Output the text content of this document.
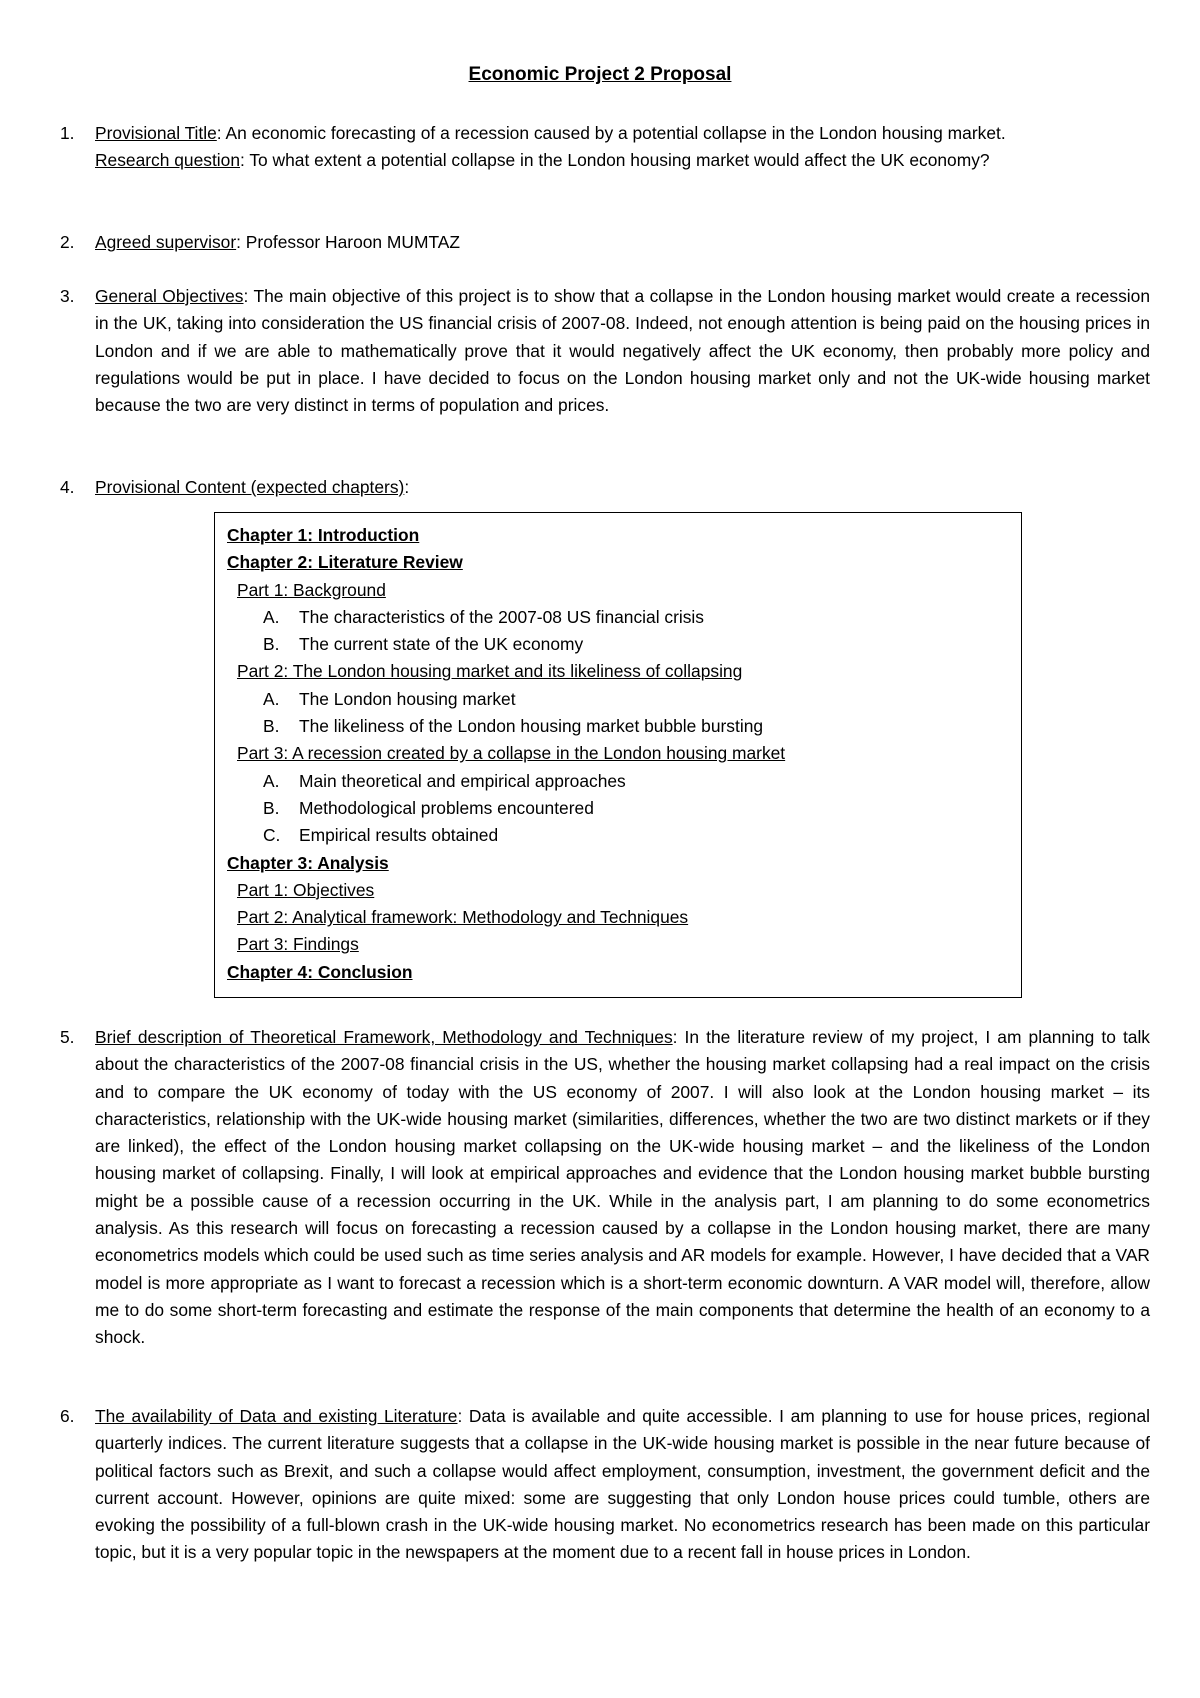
Economic Project 2 Proposal
1.	Provisional Title: An economic forecasting of a recession caused by a potential collapse in the London housing market.
Research question: To what extent a potential collapse in the London housing market would affect the UK economy?
2.	Agreed supervisor: Professor Haroon MUMTAZ
3.	General Objectives: The main objective of this project is to show that a collapse in the London housing market would create a recession in the UK, taking into consideration the US financial crisis of 2007-08. Indeed, not enough attention is being paid on the housing prices in London and if we are able to mathematically prove that it would negatively affect the UK economy, then probably more policy and regulations would be put in place. I have decided to focus on the London housing market only and not the UK-wide housing market because the two are very distinct in terms of population and prices.
4.	Provisional Content (expected chapters):
Chapter 1: Introduction
Chapter 2: Literature Review
Part 1: Background
A. The characteristics of the 2007-08 US financial crisis
B. The current state of the UK economy
Part 2: The London housing market and its likeliness of collapsing
A. The London housing market
B. The likeliness of the London housing market bubble bursting
Part 3: A recession created by a collapse in the London housing market
A. Main theoretical and empirical approaches
B. Methodological problems encountered
C. Empirical results obtained
Chapter 3: Analysis
Part 1: Objectives
Part 2: Analytical framework: Methodology and Techniques
Part 3: Findings
Chapter 4: Conclusion
5.	Brief description of Theoretical Framework, Methodology and Techniques: In the literature review of my project, I am planning to talk about the characteristics of the 2007-08 financial crisis in the US, whether the housing market collapsing had a real impact on the crisis and to compare the UK economy of today with the US economy of 2007. I will also look at the London housing market – its characteristics, relationship with the UK-wide housing market (similarities, differences, whether the two are two distinct markets or if they are linked), the effect of the London housing market collapsing on the UK-wide housing market – and the likeliness of the London housing market of collapsing. Finally, I will look at empirical approaches and evidence that the London housing market bubble bursting might be a possible cause of a recession occurring in the UK. While in the analysis part, I am planning to do some econometrics analysis. As this research will focus on forecasting a recession caused by a collapse in the London housing market, there are many econometrics models which could be used such as time series analysis and AR models for example. However, I have decided that a VAR model is more appropriate as I want to forecast a recession which is a short-term economic downturn. A VAR model will, therefore, allow me to do some short-term forecasting and estimate the response of the main components that determine the health of an economy to a shock.
6.	The availability of Data and existing Literature: Data is available and quite accessible. I am planning to use for house prices, regional quarterly indices. The current literature suggests that a collapse in the UK-wide housing market is possible in the near future because of political factors such as Brexit, and such a collapse would affect employment, consumption, investment, the government deficit and the current account. However, opinions are quite mixed: some are suggesting that only London house prices could tumble, others are evoking the possibility of a full-blown crash in the UK-wide housing market. No econometrics research has been made on this particular topic, but it is a very popular topic in the newspapers at the moment due to a recent fall in house prices in London.
